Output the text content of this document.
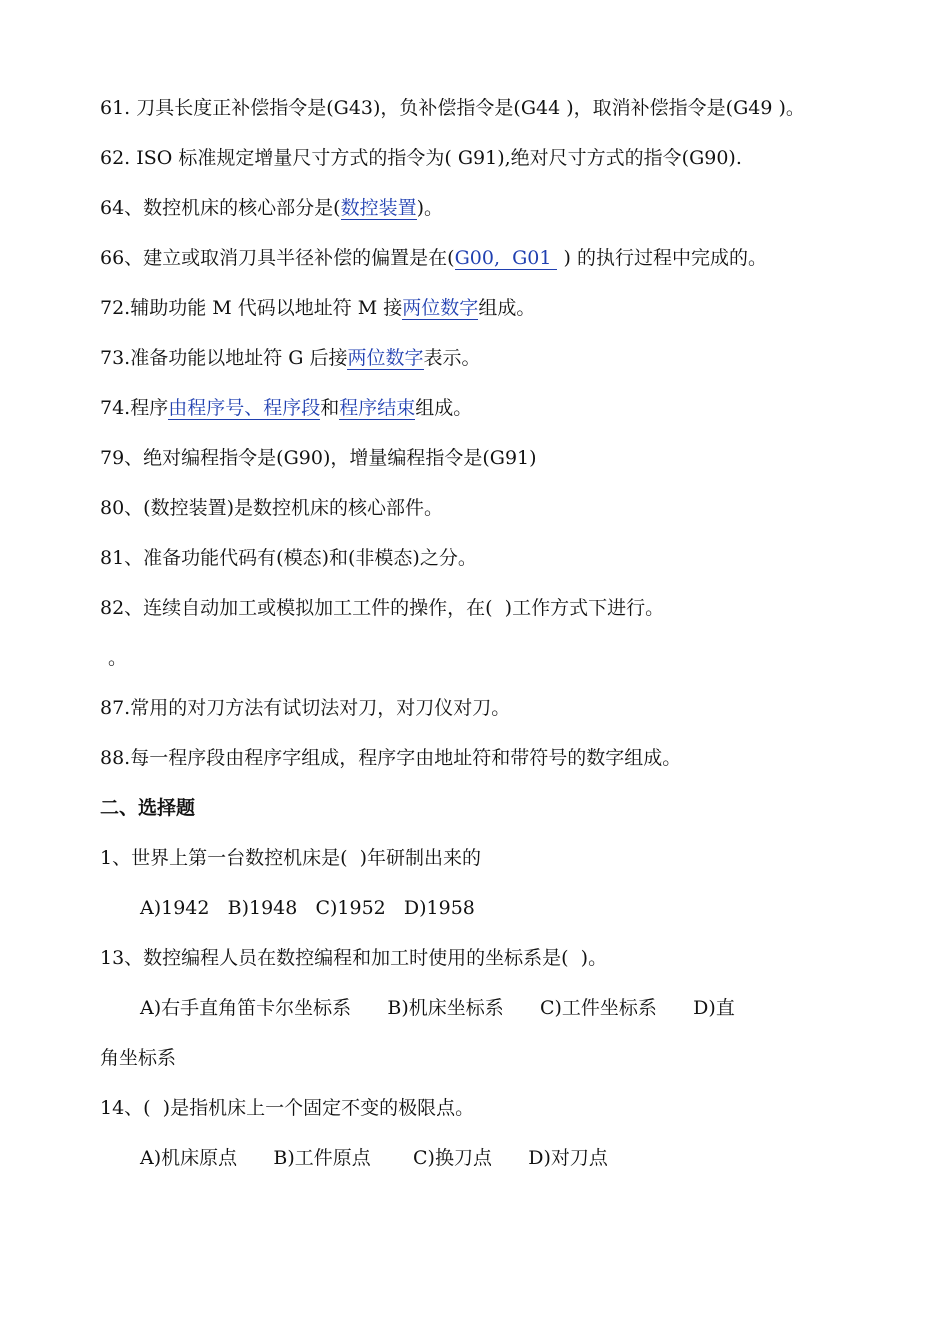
61. 刀具长度正补偿指令是(G43)，负补偿指令是(G44 )，取消补偿指令是(G49 )。
62. ISO 标准规定增量尺寸方式的指令为( G91),绝对尺寸方式的指令(G90).
64、数控机床的核心部分是(数控装置)。
66、建立或取消刀具半径补偿的偏置是在(G00,  G01  ) 的执行过程中完成的。
72.辅助功能 M 代码以地址符 M 接两位数字组成。
73.准备功能以地址符 G 后接两位数字表示。
74.程序由程序号、程序段和程序结束组成。
79、绝对编程指令是(G90)，增量编程指令是(G91)
80、(数控装置)是数控机床的核心部件。
81、准备功能代码有(模态)和(非模态)之分。
82、连续自动加工或模拟加工工件的操作，在(  )工作方式下进行。
。
87.常用的对刀方法有试切法对刀，对刀仪对刀。
88.每一程序段由程序字组成，程序字由地址符和带符号的数字组成。
二、选择题
1、世界上第一台数控机床是(  )年研制出来的
A)1942   B)1948   C)1952   D)1958
13、数控编程人员在数控编程和加工时使用的坐标系是(  )。
A)右手直角笛卡尔坐标系      B)机床坐标系      C)工件坐标系      D)直
角坐标系
14、(  )是指机床上一个固定不变的极限点。
A)机床原点      B)工件原点       C)换刀点      D)对刀点
